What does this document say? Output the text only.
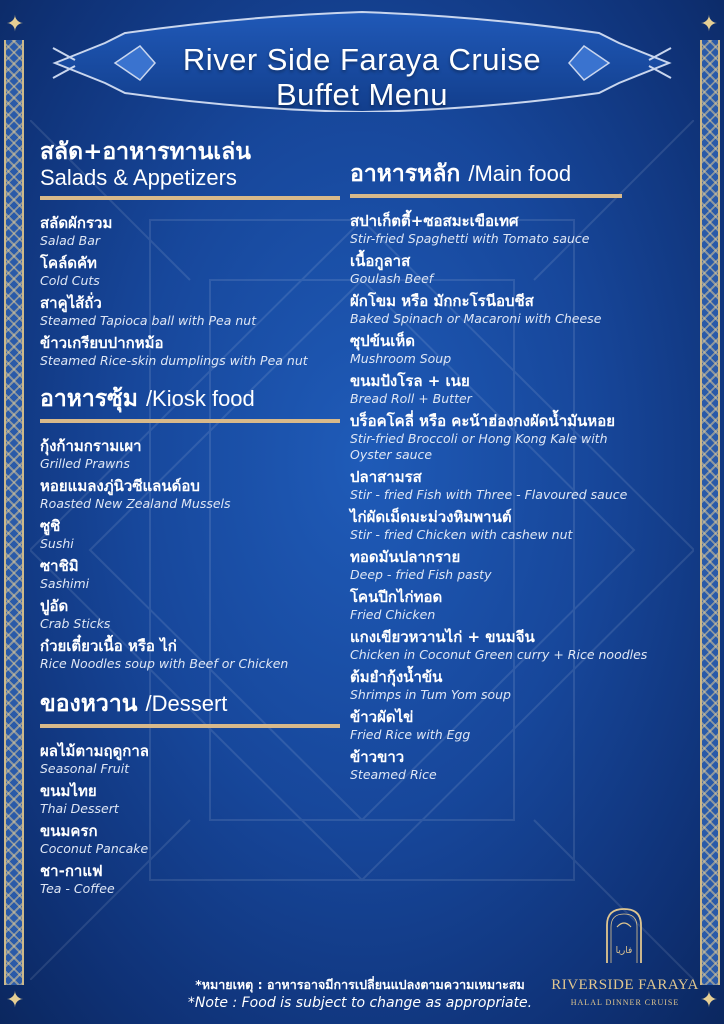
✦	✦
✦	✦
River Side Faraya Cruise
Buffet Menu
สลัด+อาหารทานเล่น
Salads & Appetizers
สลัดผักรวม
Salad Bar
โคล์ดคัท
Cold Cuts
สาคูไส้ถั่ว
Steamed Tapioca ball with Pea nut
ข้าวเกรียบปากหม้อ
Steamed Rice-skin dumplings with Pea nut
อาหารซุ้ม /Kiosk food
กุ้งก้ามกรามเผา
Grilled Prawns
หอยแมลงภู่นิวซีแลนด์อบ
Roasted New Zealand Mussels
ซูชิ
Sushi
ซาชิมิ
Sashimi
ปูอัด
Crab Sticks
ก๋วยเตี๋ยวเนื้อ หรือ ไก่
Rice Noodles soup with Beef or Chicken
ของหวาน /Dessert
ผลไม้ตามฤดูกาล
Seasonal Fruit
ขนมไทย
Thai Dessert
ขนมครก
Coconut Pancake
ชา-กาแฟ
Tea - Coffee
อาหารหลัก /Main food
สปาเก็ตตี้+ซอสมะเขือเทศ
Stir-fried Spaghetti with Tomato sauce
เนื้อกูลาส
Goulash Beef
ผักโขม หรือ มักกะโรนีอบชีส
Baked Spinach or Macaroni with Cheese
ซุปข้นเห็ด
Mushroom Soup
ขนมปังโรล + เนย
Bread Roll + Butter
บร็อคโคลี่ หรือ คะน้าฮ่องกงผัดน้ำมันหอย
Stir-fried Broccoli or Hong Kong Kale with Oyster sauce
ปลาสามรส
Stir - fried Fish with Three - Flavoured sauce
ไก่ผัดเม็ดมะม่วงหิมพานต์
Stir - fried Chicken with cashew nut
ทอดมันปลากราย
Deep - fried Fish pasty
โคนปีกไก่ทอด
Fried Chicken
แกงเขียวหวานไก่ + ขนมจีน
Chicken in Coconut Green curry + Rice noodles
ต้มยำกุ้งน้ำข้น
Shrimps in Tum Yom soup
ข้าวผัดไข่
Fried Rice with Egg
ข้าวขาว
Steamed Rice
*หมายเหตุ : อาหารอาจมีการเปลี่ยนแปลงตามความเหมาะสม
*Note : Food is subject to change as appropriate.
فاريا
RIVERSIDE FARAYA
HALAL DINNER CRUISE
